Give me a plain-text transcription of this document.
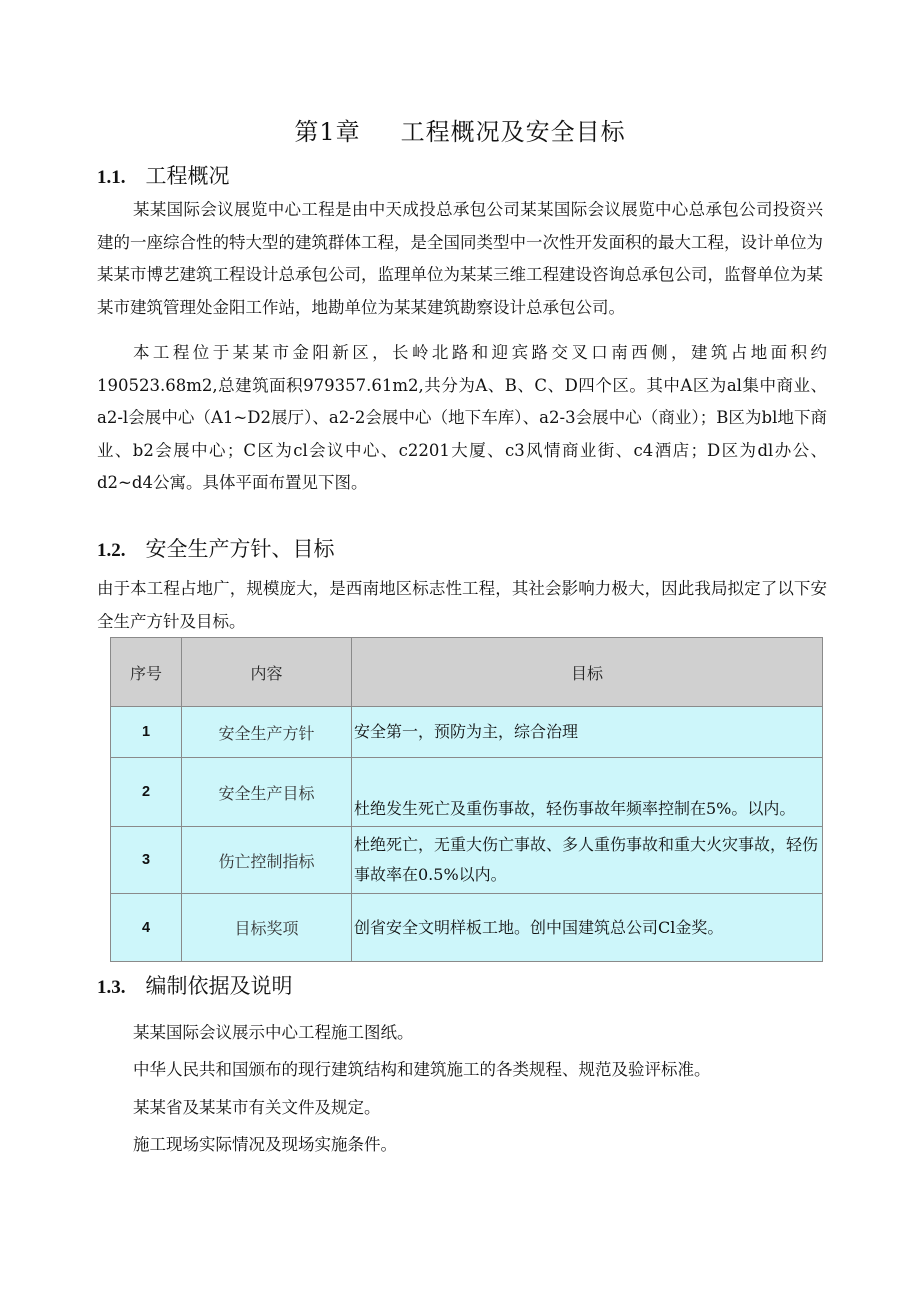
第1章 工程概况及安全目标
1.1. 工程概况
某某国际会议展览中心工程是由中天成投总承包公司某某国际会议展览中心总承包公司投资兴建的一座综合性的特大型的建筑群体工程，是全国同类型中一次性开发面积的最大工程，设计单位为某某市博艺建筑工程设计总承包公司，监理单位为某某三维工程建设咨询总承包公司，监督单位为某某市建筑管理处金阳工作站，地勘单位为某某建筑勘察设计总承包公司。
本工程位于某某市金阳新区，长岭北路和迎宾路交叉口南西侧，建筑占地面积约190523.68m2,总建筑面积979357.61m2,共分为A、B、C、D四个区。其中A区为al集中商业、a2-l会展中心（A1~D2展厅）、a2-2会展中心（地下车库）、a2-3会展中心（商业）；B区为bl地下商业、b2会展中心；C区为cl会议中心、c2201大厦、c3风情商业街、c4酒店；D区为dl办公、d2~d4公寓。具体平面布置见下图。
1.2. 安全生产方针、目标
由于本工程占地广，规模庞大，是西南地区标志性工程，其社会影响力极大，因此我局拟定了以下安全生产方针及目标。
序号	内容	目标
1	安全生产方针	安全第一，预防为主，综合治理
2	安全生产目标	杜绝发生死亡及重伤事故，轻伤事故年频率控制在5%。以内。
3	伤亡控制指标	杜绝死亡，无重大伤亡事故、多人重伤事故和重大火灾事故，轻伤事故率在0.5%以内。
4	目标奖项	创省安全文明样板工地。创中国建筑总公司Cl金奖。
1.3. 编制依据及说明
某某国际会议展示中心工程施工图纸。
中华人民共和国颁布的现行建筑结构和建筑施工的各类规程、规范及验评标准。
某某省及某某市有关文件及规定。
施工现场实际情况及现场实施条件。
